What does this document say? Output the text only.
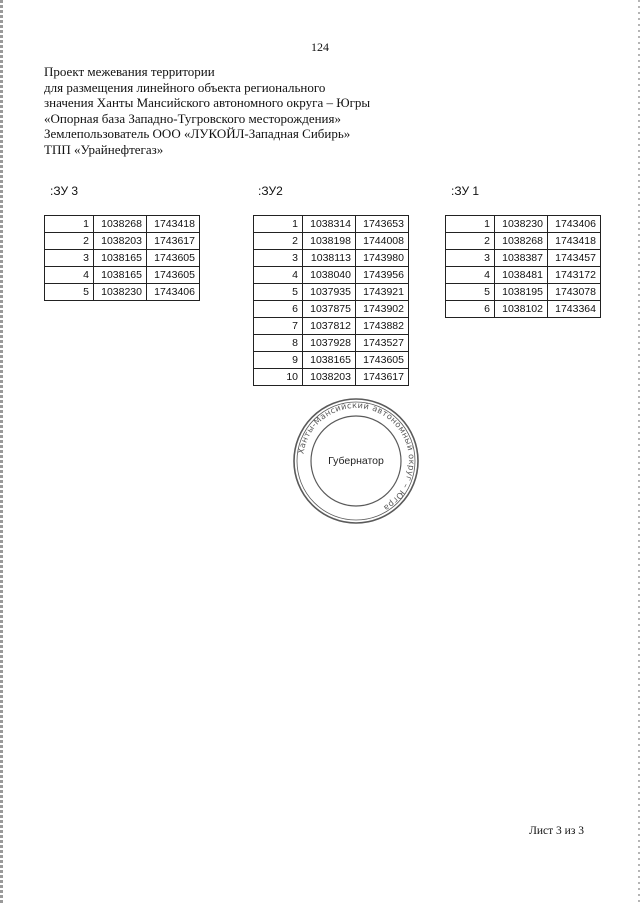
124
Проект межевания территории
для размещения линейного объекта регионального
значения Ханты Мансийского автономного округа – Югры
«Опорная база Западно-Тугровского месторождения»
Землепользователь ООО «ЛУКОЙЛ-Западная Сибирь»
ТПП «Урайнефтегаз»
:ЗУ 3	:ЗУ2	:ЗУ 1
1	1038268	1743418
2	1038203	1743617
3	1038165	1743605
4	1038165	1743605
5	1038230	1743406
1	1038314	1743653
2	1038198	1744008
3	1038113	1743980
4	1038040	1743956
5	1037935	1743921
6	1037875	1743902
7	1037812	1743882
8	1037928	1743527
9	1038165	1743605
10	1038203	1743617
1	1038230	1743406
2	1038268	1743418
3	1038387	1743457
4	1038481	1743172
5	1038195	1743078
6	1038102	1743364
Ханты-Мансийский автономный округ – Югра
Губернатор
Лист 3 из 3
